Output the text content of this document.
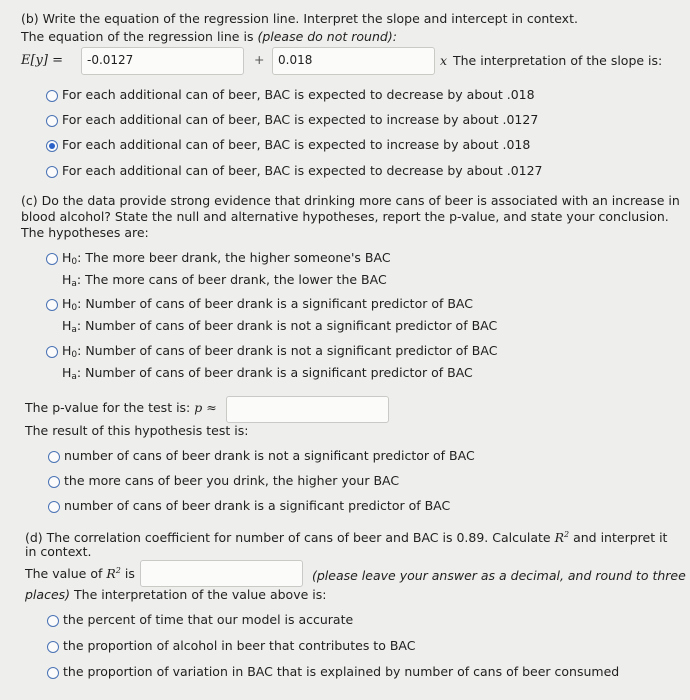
(b) Write the equation of the regression line. Interpret the slope and intercept in context.
The equation of the regression line is (please do not round):
E[y] = -0.0127	+ 0.018	x The interpretation of the slope is:
For each additional can of beer, BAC is expected to decrease by about .018
For each additional can of beer, BAC is expected to increase by about .0127
For each additional can of beer, BAC is expected to increase by about .018
For each additional can of beer, BAC is expected to decrease by about .0127
(c) Do the data provide strong evidence that drinking more cans of beer is associated with an increase in
blood alcohol? State the null and alternative hypotheses, report the p-value, and state your conclusion.
The hypotheses are:
$H_0$: The more beer drank, the higher someone's BAC
$H_a$: The more cans of beer drank, the lower the BAC
$H_0$: Number of cans of beer drank is a significant predictor of BAC
$H_a$: Number of cans of beer drank is not a significant predictor of BAC
$H_0$: Number of cans of beer drank is not a significant predictor of BAC
$H_a$: Number of cans of beer drank is a significant predictor of BAC
The p-value for the test is: p ≈
The result of this hypothesis test is:
number of cans of beer drank is not a significant predictor of BAC
the more cans of beer you drink, the higher your BAC
number of cans of beer drank is a significant predictor of BAC
(d) The correlation coefficient for number of cans of beer and BAC is 0.89. Calculate $R^2$ and interpret it
in context.
The value of $R^2$ is	(please leave your answer as a decimal, and round to three
places) The interpretation of the value above is:
the percent of time that our model is accurate
the proportion of alcohol in beer that contributes to BAC
the proportion of variation in BAC that is explained by number of cans of beer consumed
